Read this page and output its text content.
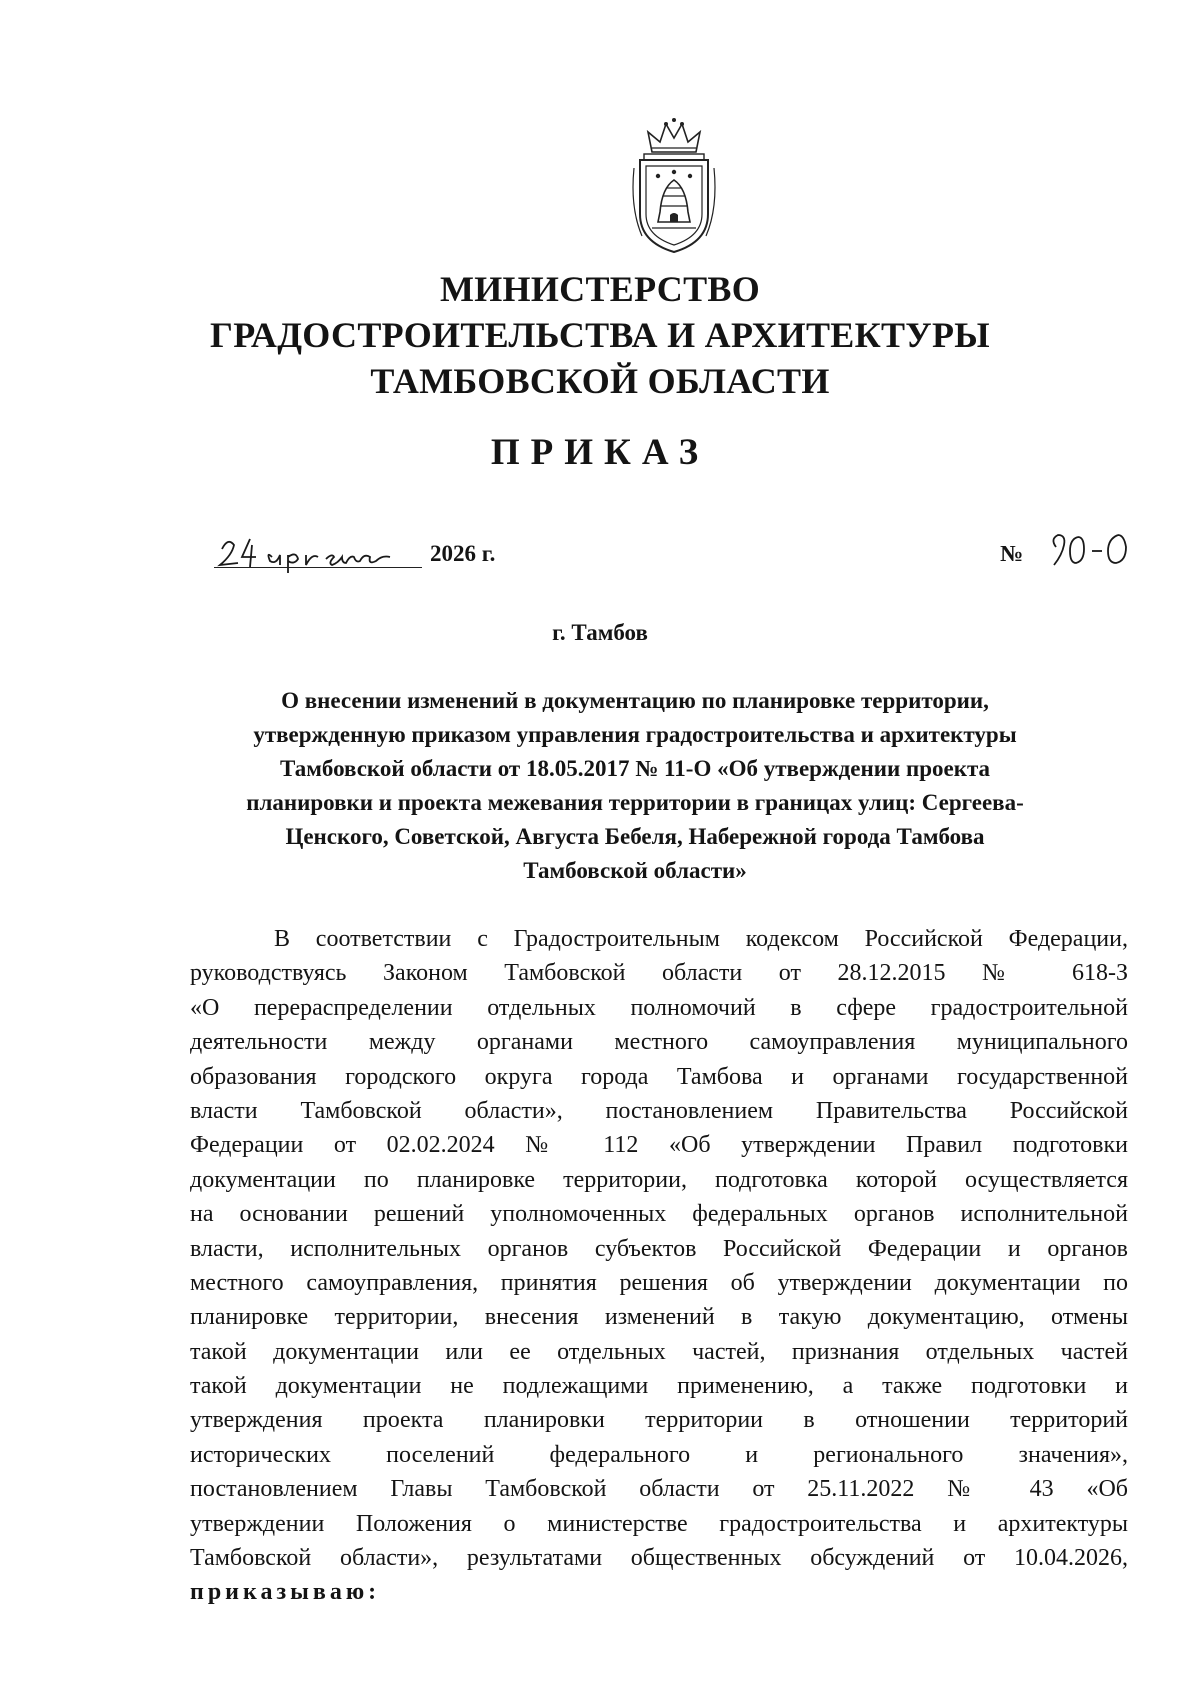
МИНИСТЕРСТВО
ГРАДОСТРОИТЕЛЬСТВА И АРХИТЕКТУРЫ
ТАМБОВСКОЙ ОБЛАСТИ
ПРИКАЗ
2026 г.	№
г. Тамбов
О внесении изменений в документацию по планировке территории,
утвержденную приказом управления градостроительства и архитектуры
Тамбовской области от 18.05.2017 № 11-О «Об утверждении проекта
планировки и проекта межевания территории в границах улиц: Сергеева-
Ценского, Советской, Августа Бебеля, Набережной города Тамбова
Тамбовской области»
В соответствии с Градостроительным кодексом Российской Федерации,
руководствуясь Законом Тамбовской области от 28.12.2015 № 618-З
«О перераспределении отдельных полномочий в сфере градостроительной
деятельности между органами местного самоуправления муниципального
образования городского округа города Тамбова и органами государственной
власти Тамбовской области», постановлением Правительства Российской
Федерации от 02.02.2024 № 112 «Об утверждении Правил подготовки
документации по планировке территории, подготовка которой осуществляется
на основании решений уполномоченных федеральных органов исполнительной
власти, исполнительных органов субъектов Российской Федерации и органов
местного самоуправления, принятия решения об утверждении документации по
планировке территории, внесения изменений в такую документацию, отмены
такой документации или ее отдельных частей, признания отдельных частей
такой документации не подлежащими применению, а также подготовки и
утверждения проекта планировки территории в отношении территорий
исторических поселений федерального и регионального значения»,
постановлением Главы Тамбовской области от 25.11.2022 № 43 «Об
утверждении Положения о министерстве градостроительства и архитектуры
Тамбовской области», результатами общественных обсуждений от 10.04.2026,
приказываю:
